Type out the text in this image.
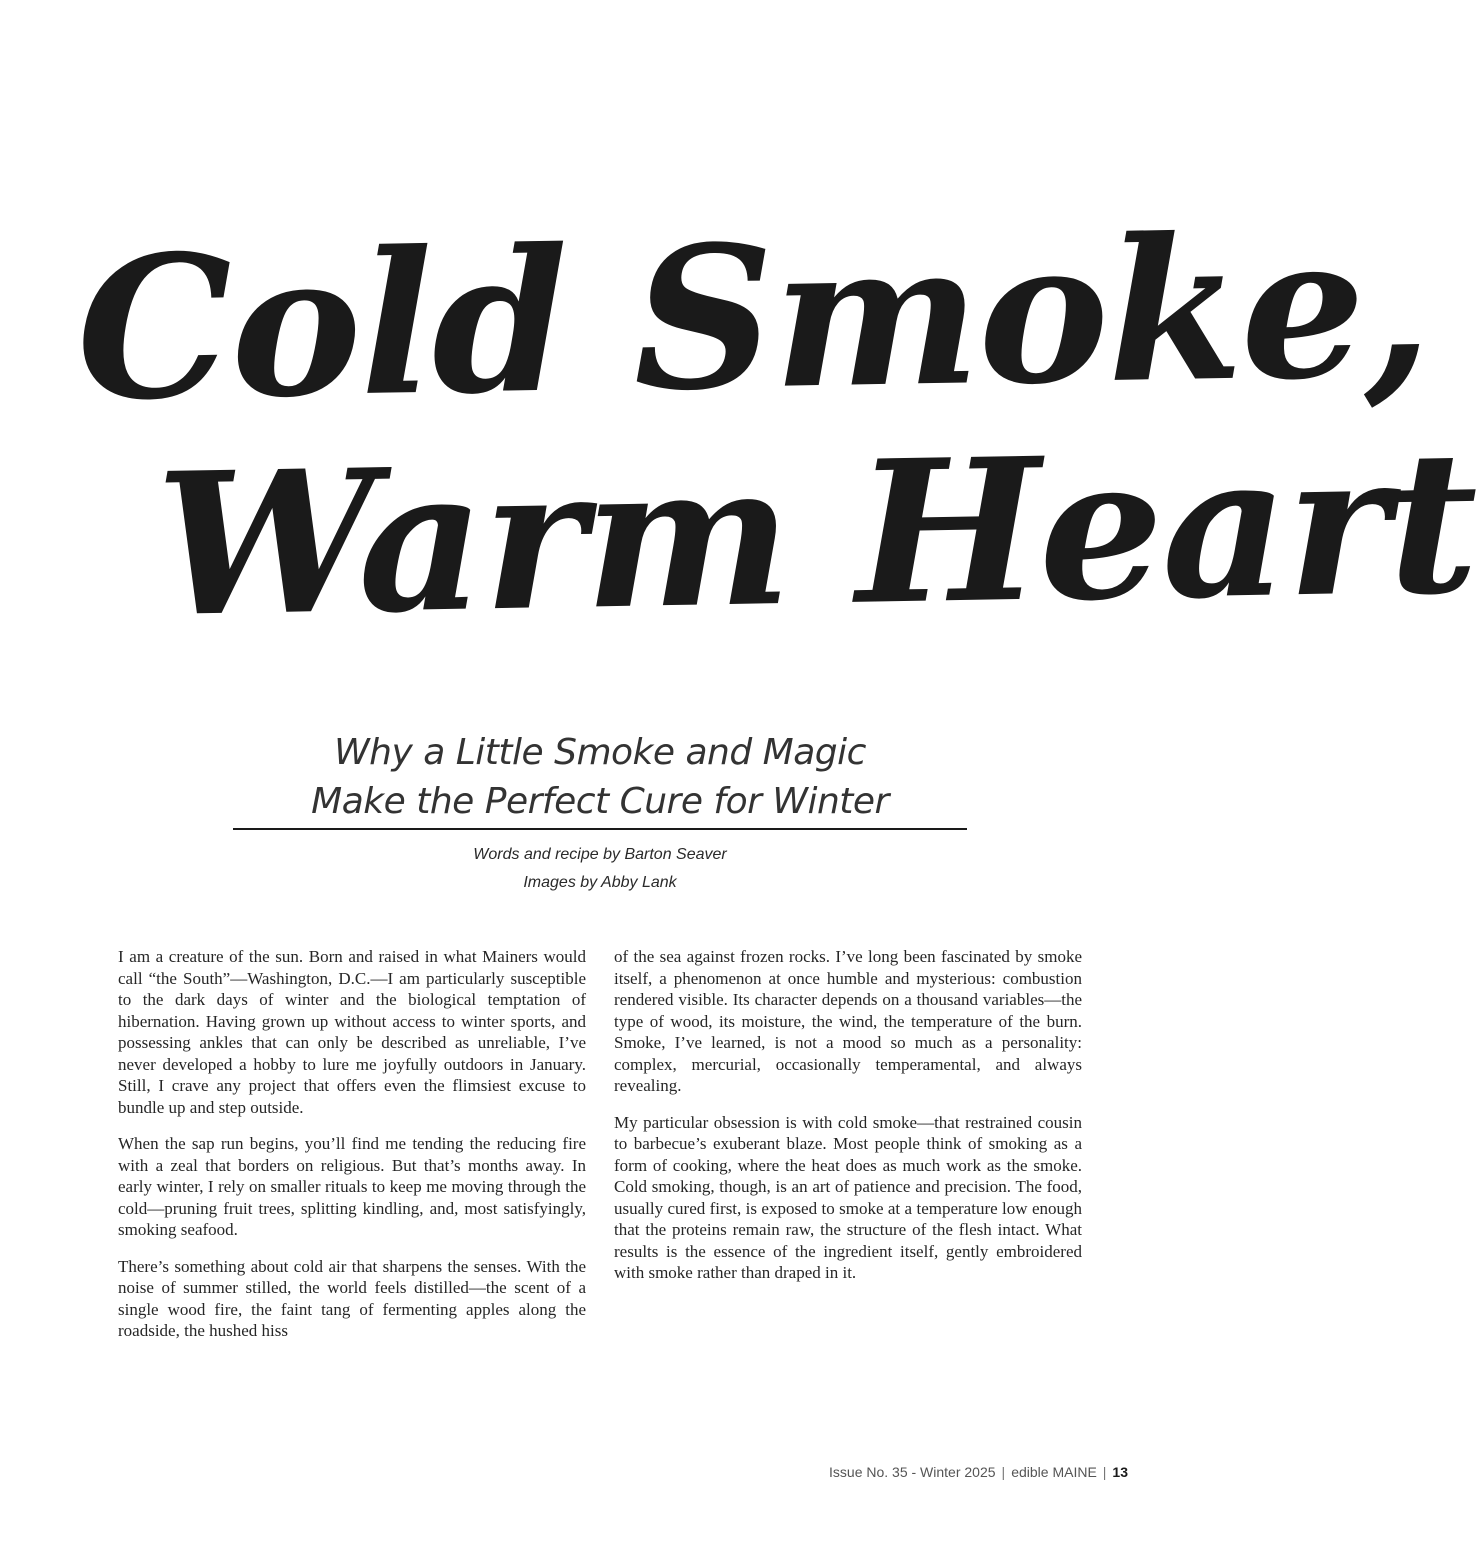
Cold Smoke,
Warm Heart
Why a Little Smoke and Magic
Make the Perfect Cure for Winter
Words and recipe by Barton Seaver
Images by Abby Lank

I am a creature of the sun. Born and raised in what Mainers would call “the South”—Washington, D.C.—I am particularly susceptible to the dark days of winter and the biological temptation of hibernation. Having grown up without access to winter sports, and possessing ankles that can only be described as unreliable, I’ve never developed a hobby to lure me joyfully outdoors in January. Still, I crave any project that offers even the flimsiest excuse to bundle up and step outside.

When the sap run begins, you’ll find me tending the reducing fire with a zeal that borders on religious. But that’s months away. In early winter, I rely on smaller rituals to keep me moving through the cold—pruning fruit trees, splitting kindling, and, most satisfyingly, smoking seafood.

There’s something about cold air that sharpens the senses. With the noise of summer stilled, the world feels distilled—the scent of a single wood fire, the faint tang of fermenting apples along the roadside, the hushed hiss

of the sea against frozen rocks. I’ve long been fascinated by smoke itself, a phenomenon at once humble and mysterious: combustion rendered visible. Its character depends on a thousand variables—the type of wood, its moisture, the wind, the temperature of the burn. Smoke, I’ve learned, is not a mood so much as a personality: complex, mercurial, occasionally temperamental, and always revealing.

My particular obsession is with cold smoke—that restrained cousin to barbecue’s exuberant blaze. Most people think of smoking as a form of cooking, where the heat does as much work as the smoke. Cold smoking, though, is an art of patience and precision. The food, usually cured first, is exposed to smoke at a temperature low enough that the proteins remain raw, the structure of the flesh intact. What results is the essence of the ingredient itself, gently embroidered with smoke rather than draped in it.

Issue No. 35 - Winter 2025 | edible MAINE | 13
